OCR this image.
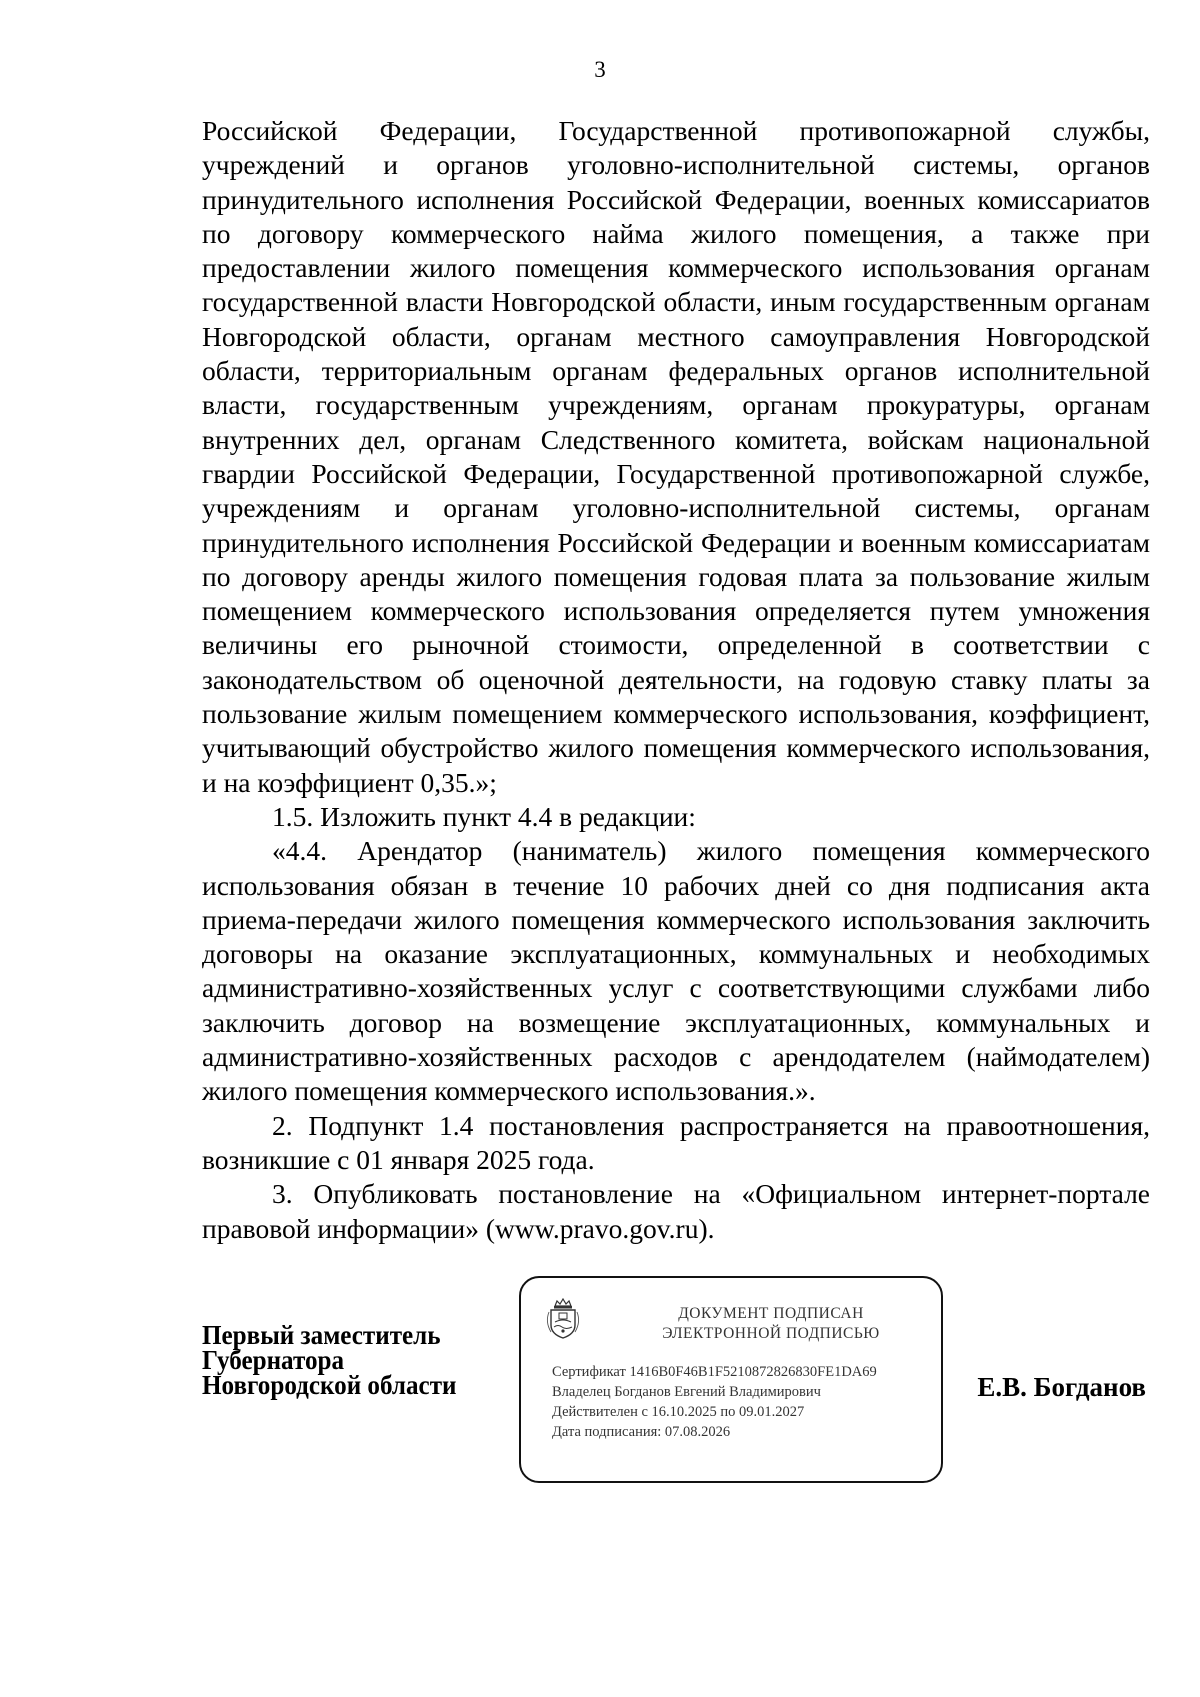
3

Российской Федерации, Государственной противопожарной службы, учреждений и органов уголовно-исполнительной системы, органов принудительного исполнения Российской Федерации, военных комиссариатов по договору коммерческого найма жилого помещения, а также при предоставлении жилого помещения коммерческого использования органам государственной власти Новгородской области, иным государственным органам Новгородской области, органам местного самоуправления Новгородской области, территориальным органам федеральных органов исполнительной власти, государственным учреждениям, органам прокуратуры, органам внутренних дел, органам Следственного комитета, войскам национальной гвардии Российской Федерации, Государственной противопожарной службе, учреждениям и органам уголовно-исполнительной системы, органам принудительного исполнения Российской Федерации и военным комиссариатам по договору аренды жилого помещения годовая плата за пользование жилым помещением коммерческого использования определяется путем умножения величины его рыночной стоимости, определенной в соответствии с законодательством об оценочной деятельности, на годовую ставку платы за пользование жилым помещением коммерческого использования, коэффициент, учитывающий обустройство жилого помещения коммерческого использования, и на коэффициент 0,35.»;

1.5. Изложить пункт 4.4 в редакции:

«4.4. Арендатор (наниматель) жилого помещения коммерческого использования обязан в течение 10 рабочих дней со дня подписания акта приема-передачи жилого помещения коммерческого использования заключить договоры на оказание эксплуатационных, коммунальных и необходимых административно-хозяйственных услуг с соответствующими службами либо заключить договор на возмещение эксплуатационных, коммунальных и административно-хозяйственных расходов с арендодателем (наймодателем) жилого помещения коммерческого использования.».

2. Подпункт 1.4 постановления распространяется на правоотношения, возникшие с 01 января 2025 года.

3. Опубликовать постановление на «Официальном интернет-портале правовой информации» (www.pravo.gov.ru).

Первый заместитель
Губернатора
Новгородской области
ДОКУМЕНТ ПОДПИСАН
ЭЛЕКТРОННОЙ ПОДПИСЬЮ
Сертификат 1416B0F46B1F5210872826830FE1DA69
Владелец Богданов Евгений Владимирович
Действителен с 16.10.2025 по 09.01.2027
Дата подписания: 07.08.2026
Е.В. Богданов
